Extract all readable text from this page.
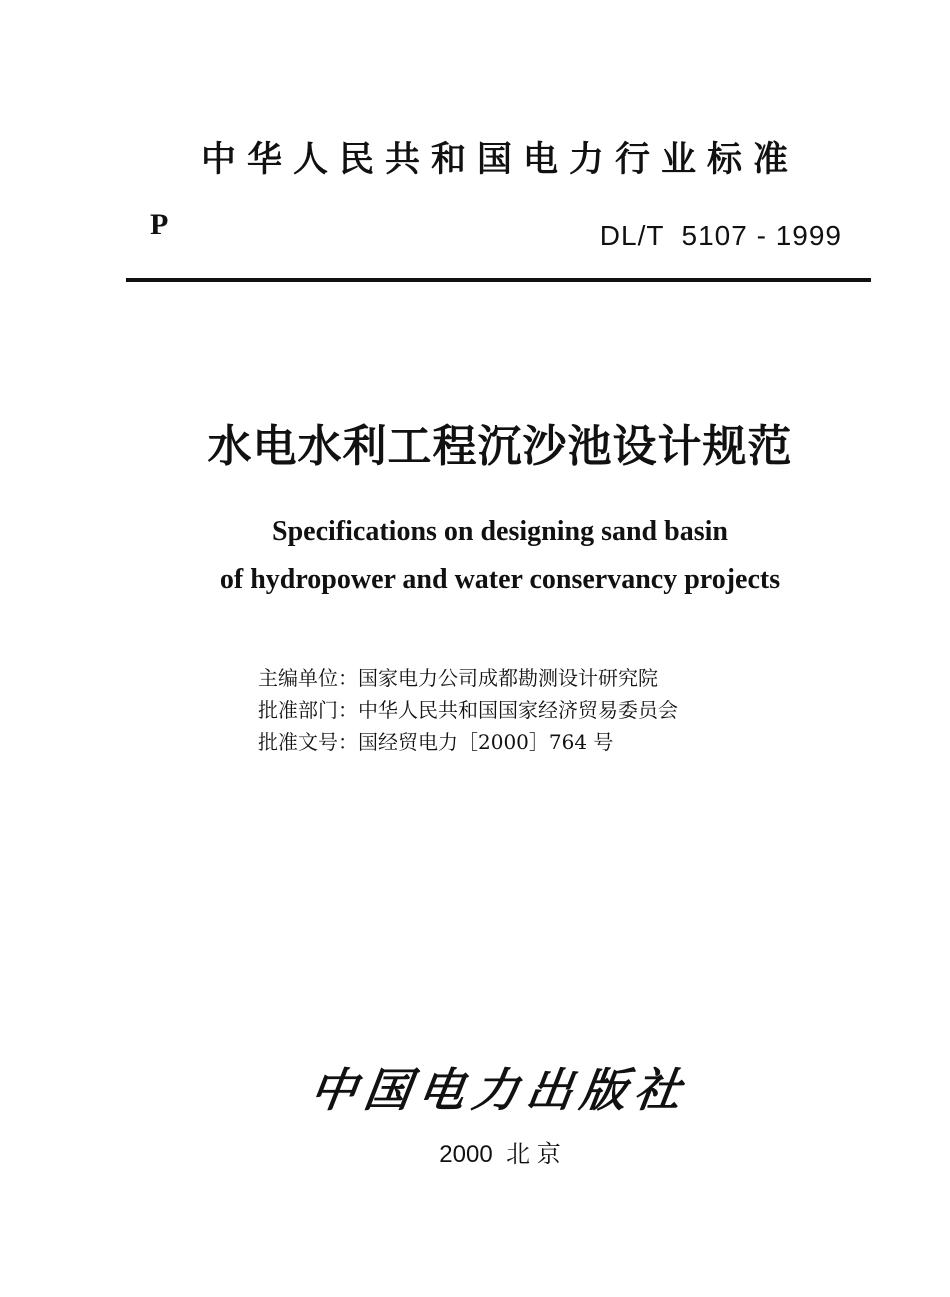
中华人民共和国电力行业标准
P	DL/T  5107 - 1999
水电水利工程沉沙池设计规范
Specifications on designing sand basin
of hydropower and water conservancy projects
主编单位：国家电力公司成都勘测设计研究院
批准部门：中华人民共和国国家经济贸易委员会
批准文号：国经贸电力［2000］764 号
中国电力出版社
2000  北 京
